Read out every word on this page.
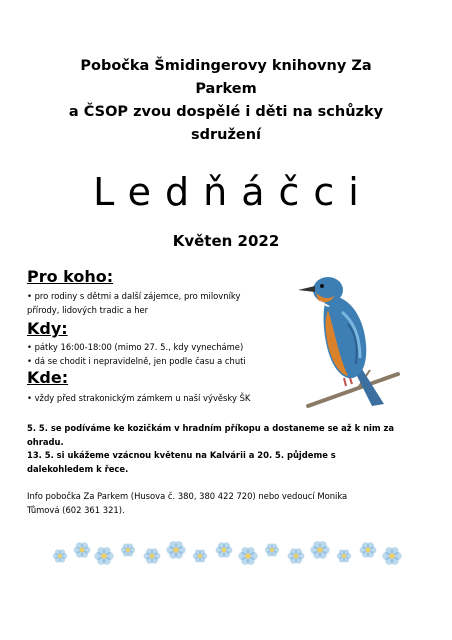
Pobočka Šmidingerovy knihovny Za
Parkem
a ČSOP zvou dospělé i děti na schůzky
sdružení
Ledňáčci
Květen 2022
Pro koho:
• pro rodiny s dětmi a další zájemce, pro milovníky
přírody, lidových tradic a her
Kdy:
• pátky 16:00-18:00 (mimo 27. 5., kdy vynecháme)
• dá se chodit i nepravidelně, jen podle času a chuti
Kde:
• vždy před strakonickým zámkem u naší vývěsky ŠK
5. 5. se podíváme ke kozičkám v hradním příkopu a dostaneme se až k nim za
ohradu.
13. 5. si ukážeme vzácnou květenu na Kalvárii a 20. 5. půjdeme s
dalekohledem k řece.
Info pobočka Za Parkem (Husova č. 380, 380 422 720) nebo vedoucí Monika
Tůmová (602 361 321).
